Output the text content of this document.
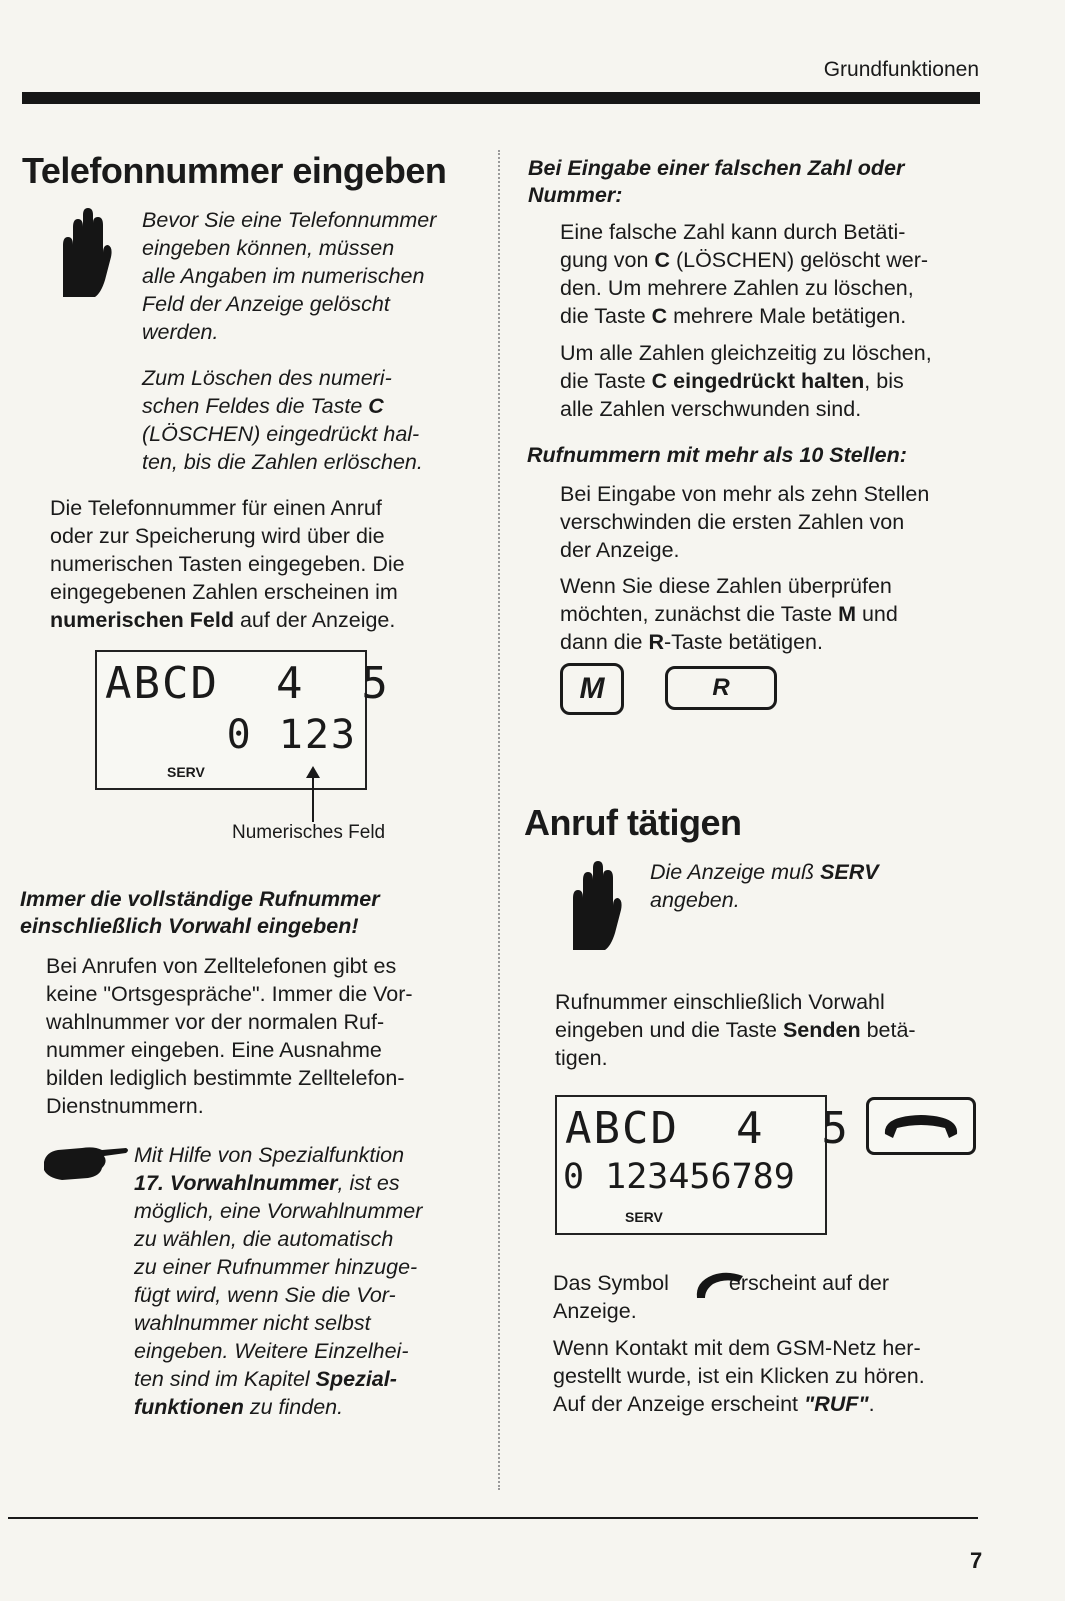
Grundfunktionen
Telefonnummer eingeben
Bevor Sie eine Telefonnummer
eingeben können, müssen
alle Angaben im numerischen
Feld der Anzeige gelöscht
werden.
Zum Löschen des numeri-
schen Feldes die Taste C
(LÖSCHEN) eingedrückt hal-
ten, bis die Zahlen erlöschen.
Die Telefonnummer für einen Anruf
oder zur Speicherung wird über die
numerischen Tasten eingegeben. Die
eingegebenen Zahlen erscheinen im
numerischen Feld auf der Anzeige.
ABCD  4  5
0 123
SERV
Numerisches Feld
Immer die vollständige Rufnummer
einschließlich Vorwahl eingeben!
Bei Anrufen von Zelltelefonen gibt es
keine "Ortsgespräche". Immer die Vor-
wahlnummer vor der normalen Ruf-
nummer eingeben. Eine Ausnahme
bilden lediglich bestimmte Zelltelefon-
Dienstnummern.
Mit Hilfe von Spezialfunktion
17. Vorwahlnummer, ist es
möglich, eine Vorwahlnummer
zu wählen, die automatisch
zu einer Rufnummer hinzuge-
fügt wird, wenn Sie die Vor-
wahlnummer nicht selbst
eingeben. Weitere Einzelhei-
ten sind im Kapitel Spezial-
funktionen zu finden.
Bei Eingabe einer falschen Zahl oder
Nummer:
Eine falsche Zahl kann durch Betäti-
gung von C (LÖSCHEN) gelöscht wer-
den. Um mehrere Zahlen zu löschen,
die Taste C mehrere Male betätigen.
Um alle Zahlen gleichzeitig zu löschen,
die Taste C eingedrückt halten, bis
alle Zahlen verschwunden sind.
Rufnummern mit mehr als 10 Stellen:
Bei Eingabe von mehr als zehn Stellen
verschwinden die ersten Zahlen von
der Anzeige.
Wenn Sie diese Zahlen überprüfen
möchten, zunächst die Taste M und
dann die R-Taste betätigen.
M	R
Anruf tätigen
Die Anzeige muß SERV
angeben.
Rufnummer einschließlich Vorwahl
eingeben und die Taste Senden betä-
tigen.
ABCD  4  5
0 123456789
SERV
Das Symbol	erscheint auf der
Anzeige.
Wenn Kontakt mit dem GSM-Netz her-
gestellt wurde, ist ein Klicken zu hören.
Auf der Anzeige erscheint "RUF".
7
